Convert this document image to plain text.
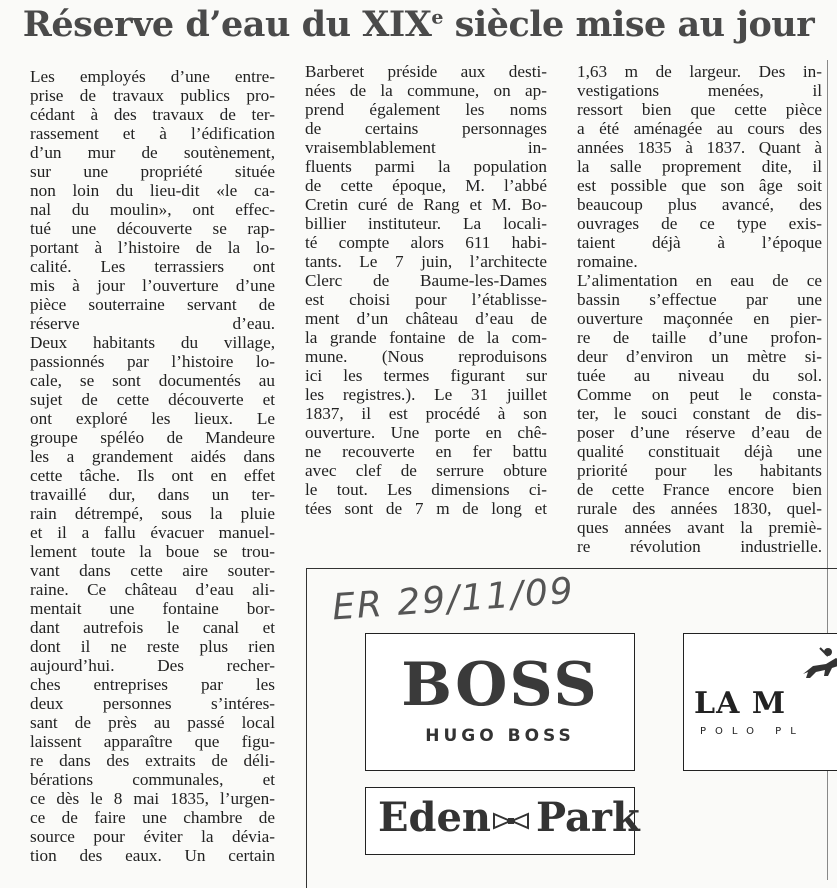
Réserve d’eau du XIXe siècle mise au jour
Les employés d’une entre-
prise de travaux publics pro-
cédant à des travaux de ter-
rassement et à l’édification
d’un mur de soutènement,
sur une propriété située
non loin du lieu-dit «le ca-
nal du moulin», ont effec-
tué une découverte se rap-
portant à l’histoire de la lo-
calité. Les terrassiers ont
mis à jour l’ouverture d’une
pièce souterraine servant de
réserve d’eau.
Deux habitants du village,
passionnés par l’histoire lo-
cale, se sont documentés au
sujet de cette découverte et
ont exploré les lieux. Le
groupe spéléo de Mandeure
les a grandement aidés dans
cette tâche. Ils ont en effet
travaillé dur, dans un ter-
rain détrempé, sous la pluie
et il a fallu évacuer manuel-
lement toute la boue se trou-
vant dans cette aire souter-
raine. Ce château d’eau ali-
mentait une fontaine bor-
dant autrefois le canal et
dont il ne reste plus rien
aujourd’hui. Des recher-
ches entreprises par les
deux personnes s’intéres-
sant de près au passé local
laissent apparaître que figu-
re dans des extraits de déli-
bérations communales, et
ce dès le 8 mai 1835, l’urgen-
ce de faire une chambre de
source pour éviter la dévia-
tion des eaux. Un certain
Barberet préside aux desti-
nées de la commune, on ap-
prend également les noms
de certains personnages
vraisemblablement in-
fluents parmi la population
de cette époque, M. l’abbé
Cretin curé de Rang et M. Bo-
billier instituteur. La locali-
té compte alors 611 habi-
tants. Le 7 juin, l’architecte
Clerc de Baume-les-Dames
est choisi pour l’établisse-
ment d’un château d’eau de
la grande fontaine de la com-
mune. (Nous reproduisons
ici les termes figurant sur
les registres.). Le 31 juillet
1837, il est procédé à son
ouverture. Une porte en chê-
ne recouverte en fer battu
avec clef de serrure obture
le tout. Les dimensions ci-
tées sont de 7 m de long et
1,63 m de largeur. Des in-
vestigations menées, il
ressort bien que cette pièce
a été aménagée au cours des
années 1835 à 1837. Quant à
la salle proprement dite, il
est possible que son âge soit
beaucoup plus avancé, des
ouvrages de ce type exis-
taient déjà à l’époque
romaine.
L’alimentation en eau de ce
bassin s’effectue par une
ouverture maçonnée en pier-
re de taille d’une profon-
deur d’environ un mètre si-
tuée au niveau du sol.
Comme on peut le consta-
ter, le souci constant de dis-
poser d’une réserve d’eau de
qualité constituait déjà une
priorité pour les habitants
de cette France encore bien
rurale des années 1830, quel-
ques années avant la premiè-
re révolution industrielle.
ER 29/11/09
BOSS
HUGO BOSS
LA M
POLO PL
Eden Park
